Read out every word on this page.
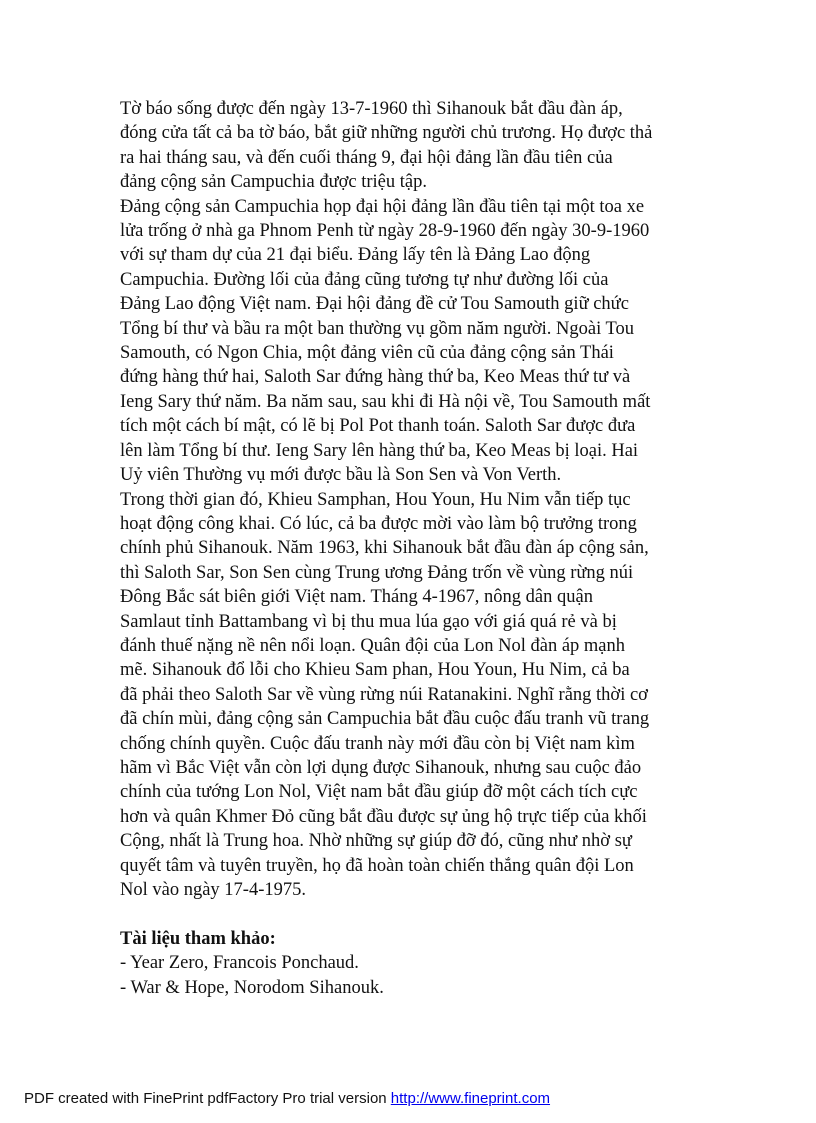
Tờ báo sống được đến ngày 13-7-1960 thì Sihanouk bắt đầu đàn áp,
đóng cửa tất cả ba tờ báo, bắt giữ những người chủ trương. Họ được thả
ra hai tháng sau, và đến cuối tháng 9, đại hội đảng lần đầu tiên của
đảng cộng sản Campuchia được triệu tập.
Đảng cộng sản Campuchia họp đại hội đảng lần đầu tiên tại một toa xe
lửa trống ở nhà ga Phnom Penh từ ngày 28-9-1960 đến ngày 30-9-1960
với sự tham dự của 21 đại biểu. Đảng lấy tên là Đảng Lao động
Campuchia. Đường lối của đảng cũng tương tự như đường lối của
Đảng Lao động Việt nam. Đại hội đảng đề cử Tou Samouth giữ chức
Tổng bí thư và bầu ra một ban thường vụ gồm năm người. Ngoài Tou
Samouth, có Ngon Chia, một đảng viên cũ của đảng cộng sản Thái
đứng hàng thứ hai, Saloth Sar đứng hàng thứ ba, Keo Meas thứ tư và
Ieng Sary thứ năm. Ba năm sau, sau khi đi Hà nội về, Tou Samouth mất
tích một cách bí mật, có lẽ bị Pol Pot thanh toán. Saloth Sar được đưa
lên làm Tổng bí thư. Ieng Sary lên hàng thứ ba, Keo Meas bị loại. Hai
Uỷ viên Thường vụ mới được bầu là Son Sen và Von Verth.
Trong thời gian đó, Khieu Samphan, Hou Youn, Hu Nim vẫn tiếp tục
hoạt động công khai. Có lúc, cả ba được mời vào làm bộ trưởng trong
chính phủ Sihanouk. Năm 1963, khi Sihanouk bắt đầu đàn áp cộng sản,
thì Saloth Sar, Son Sen cùng Trung ương Đảng trốn về vùng rừng núi
Đông Bắc sát biên giới Việt nam. Tháng 4-1967, nông dân quận
Samlaut tỉnh Battambang vì bị thu mua lúa gạo với giá quá rẻ và bị
đánh thuế nặng nề nên nổi loạn. Quân đội của Lon Nol đàn áp mạnh
mẽ. Sihanouk đổ lỗi cho Khieu Sam phan, Hou Youn, Hu Nim, cả ba
đã phải theo Saloth Sar về vùng rừng núi Ratanakini. Nghĩ rằng thời cơ
đã chín mùi, đảng cộng sản Campuchia bắt đầu cuộc đấu tranh vũ trang
chống chính quyền. Cuộc đấu tranh này mới đầu còn bị Việt nam kìm
hãm vì Bắc Việt vẫn còn lợi dụng được Sihanouk, nhưng sau cuộc đảo
chính của tướng Lon Nol, Việt nam bắt đầu giúp đỡ một cách tích cực
hơn và quân Khmer Đỏ cũng bắt đầu được sự ủng hộ trực tiếp của khối
Cộng, nhất là Trung hoa. Nhờ những sự giúp đỡ đó, cũng như nhờ sự
quyết tâm và tuyên truyền, họ đã hoàn toàn chiến thắng quân đội Lon
Nol vào ngày 17-4-1975.
Tài liệu tham khảo:
- Year Zero, Francois Ponchaud.
- War & Hope, Norodom Sihanouk.
PDF created with FinePrint pdfFactory Pro trial version http://www.fineprint.com
